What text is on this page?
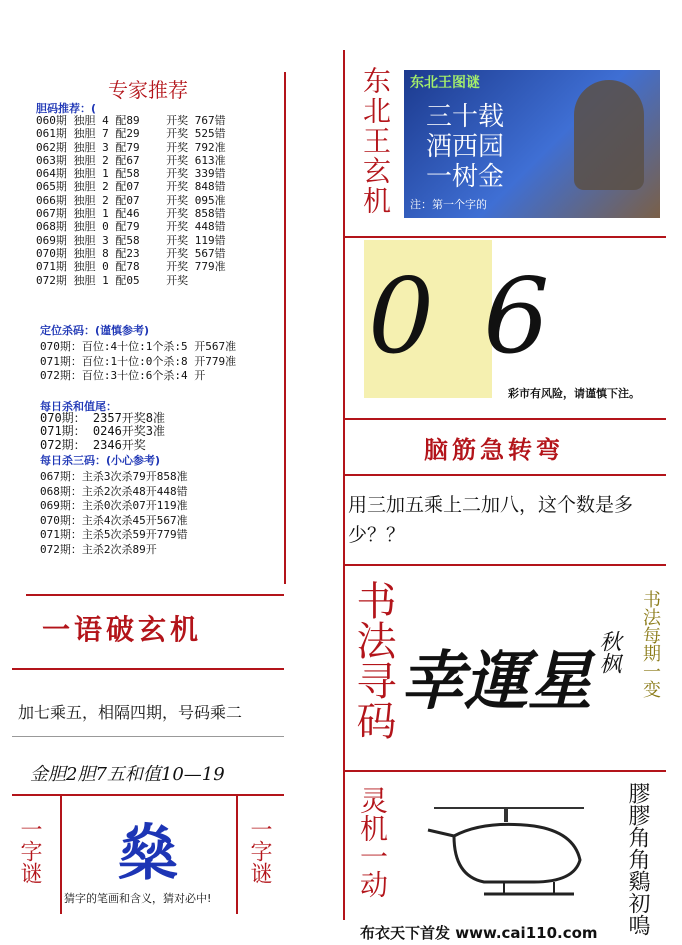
专家推荐
胆码推荐：(
060期 独胆 4 配89    开奖 767错
061期 独胆 7 配29    开奖 525错
062期 独胆 3 配79    开奖 792准
063期 独胆 2 配67    开奖 613准
064期 独胆 1 配58    开奖 339错
065期 独胆 2 配07    开奖 848错
066期 独胆 2 配07    开奖 095准
067期 独胆 1 配46    开奖 858错
068期 独胆 0 配79    开奖 448错
069期 独胆 3 配58    开奖 119错
070期 独胆 8 配23    开奖 567错
071期 独胆 0 配78    开奖 779准
072期 独胆 1 配05    开奖
定位杀码：(谨慎参考)
070期：百位:4十位:1个杀:5 开567准
071期：百位:1十位:0个杀:8 开779准
072期：百位:3十位:6个杀:4 开
每日杀和值尾：
070期： 2357开奖8准
071期： 0246开奖3准
072期： 2346开奖
每日杀三码：(小心参考)
067期：主杀3次杀79开858准
068期：主杀2次杀48开448错
069期：主杀0次杀07开119准
070期：主杀4次杀45开567准
071期：主杀5次杀59开779错
072期：主杀2次杀89开
一语破玄机
加七乘五，相隔四期，号码乘二
金胆2胆7五和值10—19
一字谜	一字谜
燊
猜字的笔画和含义，猜对必中!
东北王玄机 东北王图谜
三十载
酒西园
一树金
注：第一个字的
0 6
彩市有风险，请谨慎下注。
脑筋急转弯
用三加五乘上二加八，这个数是多少？？
书法寻码 幸運星 秋枫 书法每期一变
灵机一动	膠膠角角鷄初鳴
布衣天下首发 www.cai110.com
